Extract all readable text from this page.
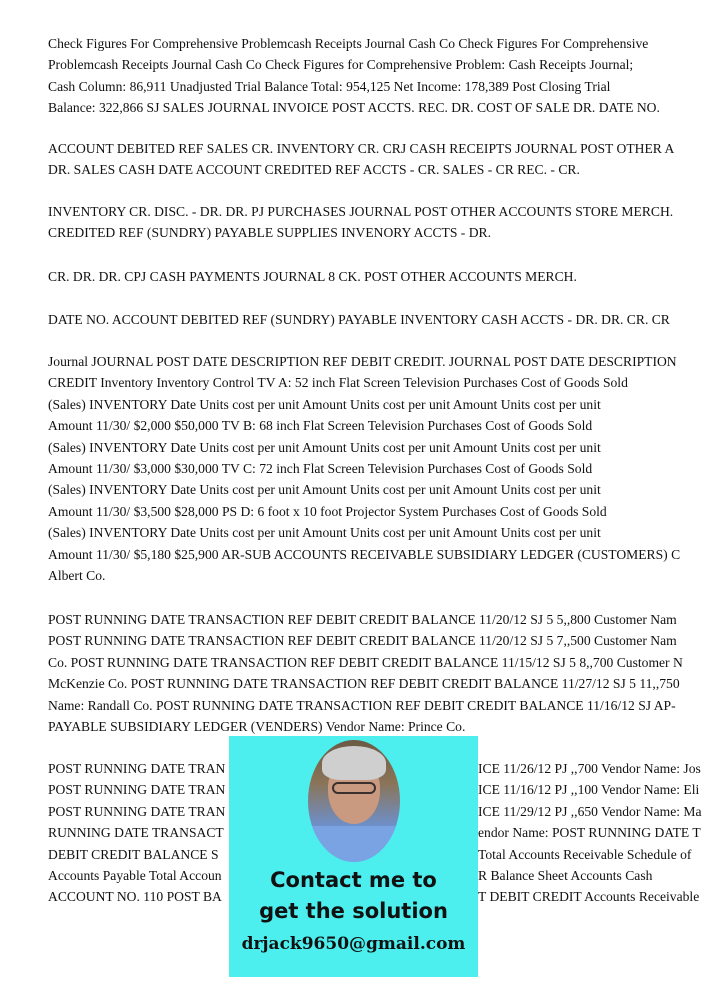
Check Figures For Comprehensive Problemcash Receipts Journal Cash Co Check Figures For Comprehensive
Problemcash Receipts Journal Cash Co Check Figures for Comprehensive Problem: Cash Receipts Journal;
Cash Column: 86,911 Unadjusted Trial Balance Total: 954,125 Net Income: 178,389 Post Closing Trial
Balance: 322,866 SJ SALES JOURNAL INVOICE POST ACCTS. REC. DR. COST OF SALE DR. DATE NO.
ACCOUNT DEBITED REF SALES CR. INVENTORY CR. CRJ CASH RECEIPTS JOURNAL POST OTHER A
DR. SALES CASH DATE ACCOUNT CREDITED REF ACCTS - CR. SALES - CR REC. - CR.
INVENTORY CR. DISC. - DR. DR. PJ PURCHASES JOURNAL POST OTHER ACCOUNTS STORE MERCH.
CREDITED REF (SUNDRY) PAYABLE SUPPLIES INVENORY ACCTS - DR.
CR. DR. DR. CPJ CASH PAYMENTS JOURNAL 8 CK. POST OTHER ACCOUNTS MERCH.
DATE NO. ACCOUNT DEBITED REF (SUNDRY) PAYABLE INVENTORY CASH ACCTS - DR. DR. CR. CR
Journal JOURNAL POST DATE DESCRIPTION REF DEBIT CREDIT. JOURNAL POST DATE DESCRIPTION
CREDIT Inventory Inventory Control TV A: 52 inch Flat Screen Television Purchases Cost of Goods Sold
(Sales) INVENTORY Date Units cost per unit Amount Units cost per unit Amount Units cost per unit
Amount 11/30/ $2,000 $50,000 TV B: 68 inch Flat Screen Television Purchases Cost of Goods Sold
(Sales) INVENTORY Date Units cost per unit Amount Units cost per unit Amount Units cost per unit
Amount 11/30/ $3,000 $30,000 TV C: 72 inch Flat Screen Television Purchases Cost of Goods Sold
(Sales) INVENTORY Date Units cost per unit Amount Units cost per unit Amount Units cost per unit
Amount 11/30/ $3,500 $28,000 PS D: 6 foot x 10 foot Projector System Purchases Cost of Goods Sold
(Sales) INVENTORY Date Units cost per unit Amount Units cost per unit Amount Units cost per unit
Amount 11/30/ $5,180 $25,900 AR-SUB ACCOUNTS RECEIVABLE SUBSIDIARY LEDGER (CUSTOMERS) C
Albert Co.
POST RUNNING DATE TRANSACTION REF DEBIT CREDIT BALANCE 11/20/12 SJ 5 5,,800 Customer Nam
POST RUNNING DATE TRANSACTION REF DEBIT CREDIT BALANCE 11/20/12 SJ 5 7,,500 Customer Nam
Co. POST RUNNING DATE TRANSACTION REF DEBIT CREDIT BALANCE 11/15/12 SJ 5 8,,700 Customer N
McKenzie Co. POST RUNNING DATE TRANSACTION REF DEBIT CREDIT BALANCE 11/27/12 SJ 5 11,,750
Name: Randall Co. POST RUNNING DATE TRANSACTION REF DEBIT CREDIT BALANCE 11/16/12 SJ AP-
PAYABLE SUBSIDIARY LEDGER (VENDERS) Vendor Name: Prince Co.
POST RUNNING DATE TRAN	ICE 11/26/12 PJ ,,700 Vendor Name: Jos
POST RUNNING DATE TRAN	ICE 11/16/12 PJ ,,100 Vendor Name: Eli
POST RUNNING DATE TRAN	ICE 11/29/12 PJ ,,650 Vendor Name: Ma
RUNNING DATE TRANSACT	endor Name: POST RUNNING DATE T
DEBIT CREDIT BALANCE S	Total Accounts Receivable Schedule of
Accounts Payable Total Accoun	R Balance Sheet Accounts Cash
ACCOUNT NO. 110 POST BA	T DEBIT CREDIT Accounts Receivable
Contact me to
get the solution
drjack9650@gmail.com
